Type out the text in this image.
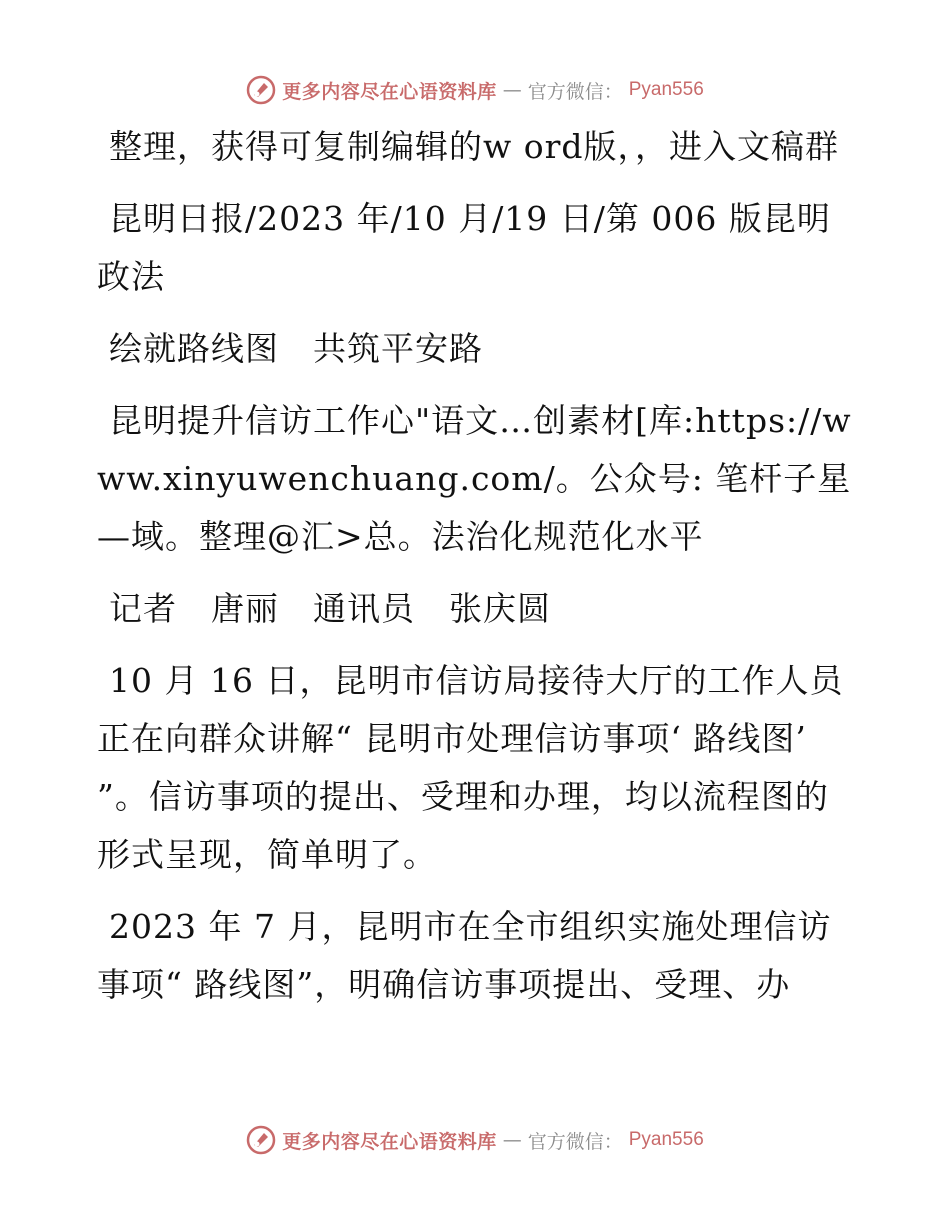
更多内容尽在心语资料库 — 官方微信： Pyan556

整理，获得可复制编辑的w ord版，，进入文稿群

昆明日报/2023 年/10 月/19 日/第 006 版昆明政法

绘就路线图　共筑平安路

昆明提升信访工作心"语文…创素材[库:https://www.xinyuwenchuang.com/。公众号: 笔杆子星—域。整理@汇>总。法治化规范化水平

记者　唐丽　通讯员　张庆圆

10 月 16 日，昆明市信访局接待大厅的工作人员正在向群众讲解“ 昆明市处理信访事项‘ 路线图’ ”。信访事项的提出、受理和办理，均以流程图的形式呈现，简单明了。

2023 年 7 月，昆明市在全市组织实施处理信访事项“ 路线图”，明确信访事项提出、受理、办

更多内容尽在心语资料库 — 官方微信： Pyan556
